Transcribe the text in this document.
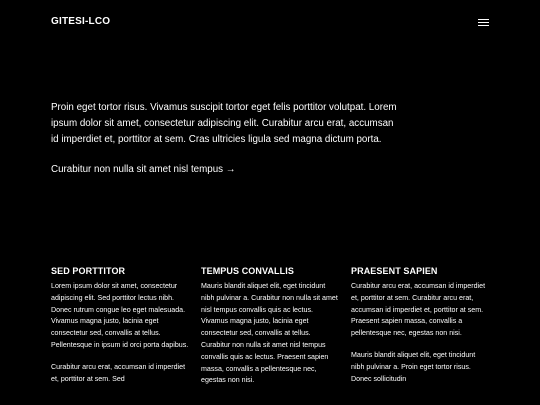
GITESI-LCO

Proin eget tortor risus. Vivamus suscipit tortor eget felis porttitor volutpat. Lorem ipsum dolor sit amet, consectetur adipiscing elit. Curabitur arcu erat, accumsan id imperdiet et, porttitor at sem. Cras ultricies ligula sed magna dictum porta.

Curabitur non nulla sit amet nisl tempus →
SED PORTTITOR

Lorem ipsum dolor sit amet, consectetur adipiscing elit. Sed porttitor lectus nibh. Donec rutrum congue leo eget malesuada. Vivamus magna justo, lacinia eget consectetur sed, convallis at tellus. Pellentesque in ipsum id orci porta dapibus.

Curabitur arcu erat, accumsan id imperdiet et, porttitor at sem. Sed

TEMPUS CONVALLIS

Mauris blandit aliquet elit, eget tincidunt nibh pulvinar a. Curabitur non nulla sit amet nisl tempus convallis quis ac lectus. Vivamus magna justo, lacinia eget consectetur sed, convallis at tellus. Curabitur non nulla sit amet nisl tempus convallis quis ac lectus. Praesent sapien massa, convallis a pellentesque nec, egestas non nisi.

PRAESENT SAPIEN

Curabitur arcu erat, accumsan id imperdiet et, porttitor at sem. Curabitur arcu erat, accumsan id imperdiet et, porttitor at sem. Praesent sapien massa, convallis a pellentesque nec, egestas non nisi.

Mauris blandit aliquet elit, eget tincidunt nibh pulvinar a. Proin eget tortor risus. Donec sollicitudin
